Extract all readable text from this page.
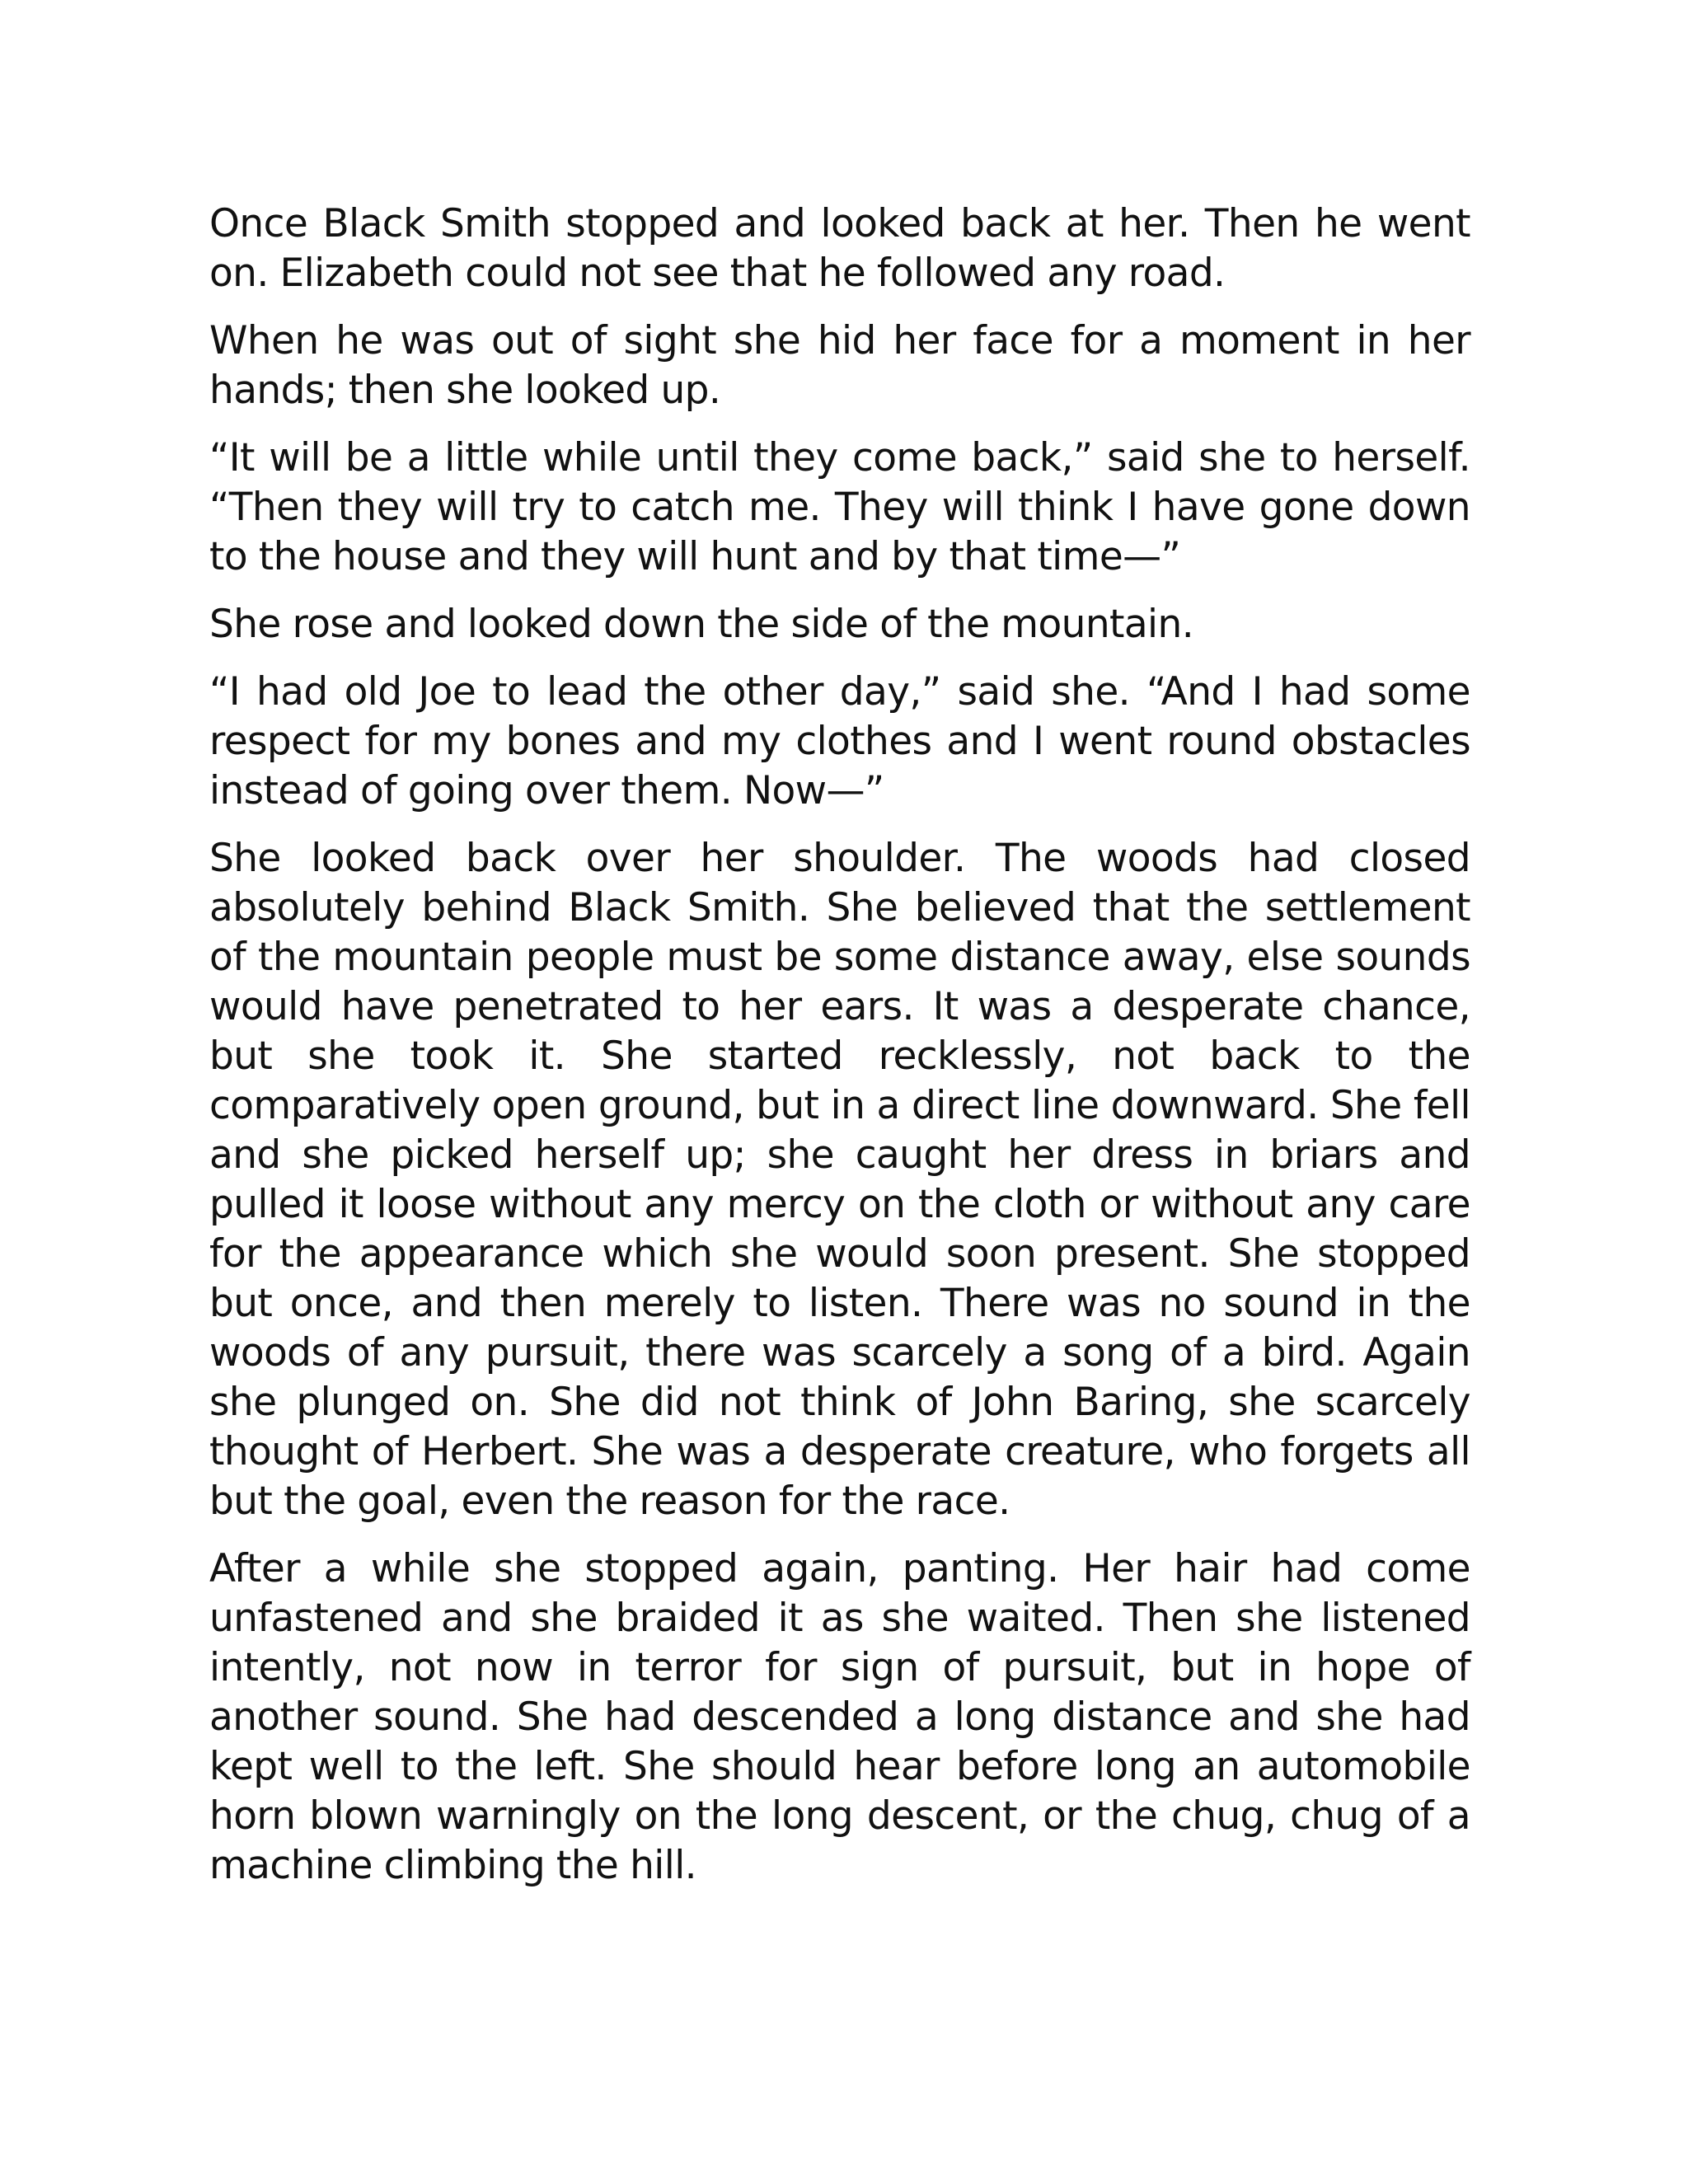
Once Black Smith stopped and looked back at her. Then he went on. Elizabeth could not see that he followed any road.

When he was out of sight she hid her face for a moment in her hands; then she looked up.

“It will be a little while until they come back,” said she to herself. “Then they will try to catch me. They will think I have gone down to the house and they will hunt and by that time—”

She rose and looked down the side of the mountain.

“I had old Joe to lead the other day,” said she. “And I had some respect for my bones and my clothes and I went round obstacles instead of going over them. Now—”

She looked back over her shoulder. The woods had closed absolutely behind Black Smith. She believed that the settlement of the mountain people must be some distance away, else sounds would have penetrated to her ears. It was a desperate chance, but she took it. She started recklessly, not back to the comparatively open ground, but in a direct line downward. She fell and she picked herself up; she caught her dress in briars and pulled it loose without any mercy on the cloth or without any care for the appearance which she would soon present. She stopped but once, and then merely to listen. There was no sound in the woods of any pursuit, there was scarcely a song of a bird. Again she plunged on. She did not think of John Baring, she scarcely thought of Herbert. She was a desperate creature, who forgets all but the goal, even the reason for the race.

After a while she stopped again, panting. Her hair had come unfastened and she braided it as she waited. Then she listened intently, not now in terror for sign of pursuit, but in hope of another sound. She had descended a long distance and she had kept well to the left. She should hear before long an automobile horn blown warningly on the long descent, or the chug, chug of a machine climbing the hill.
